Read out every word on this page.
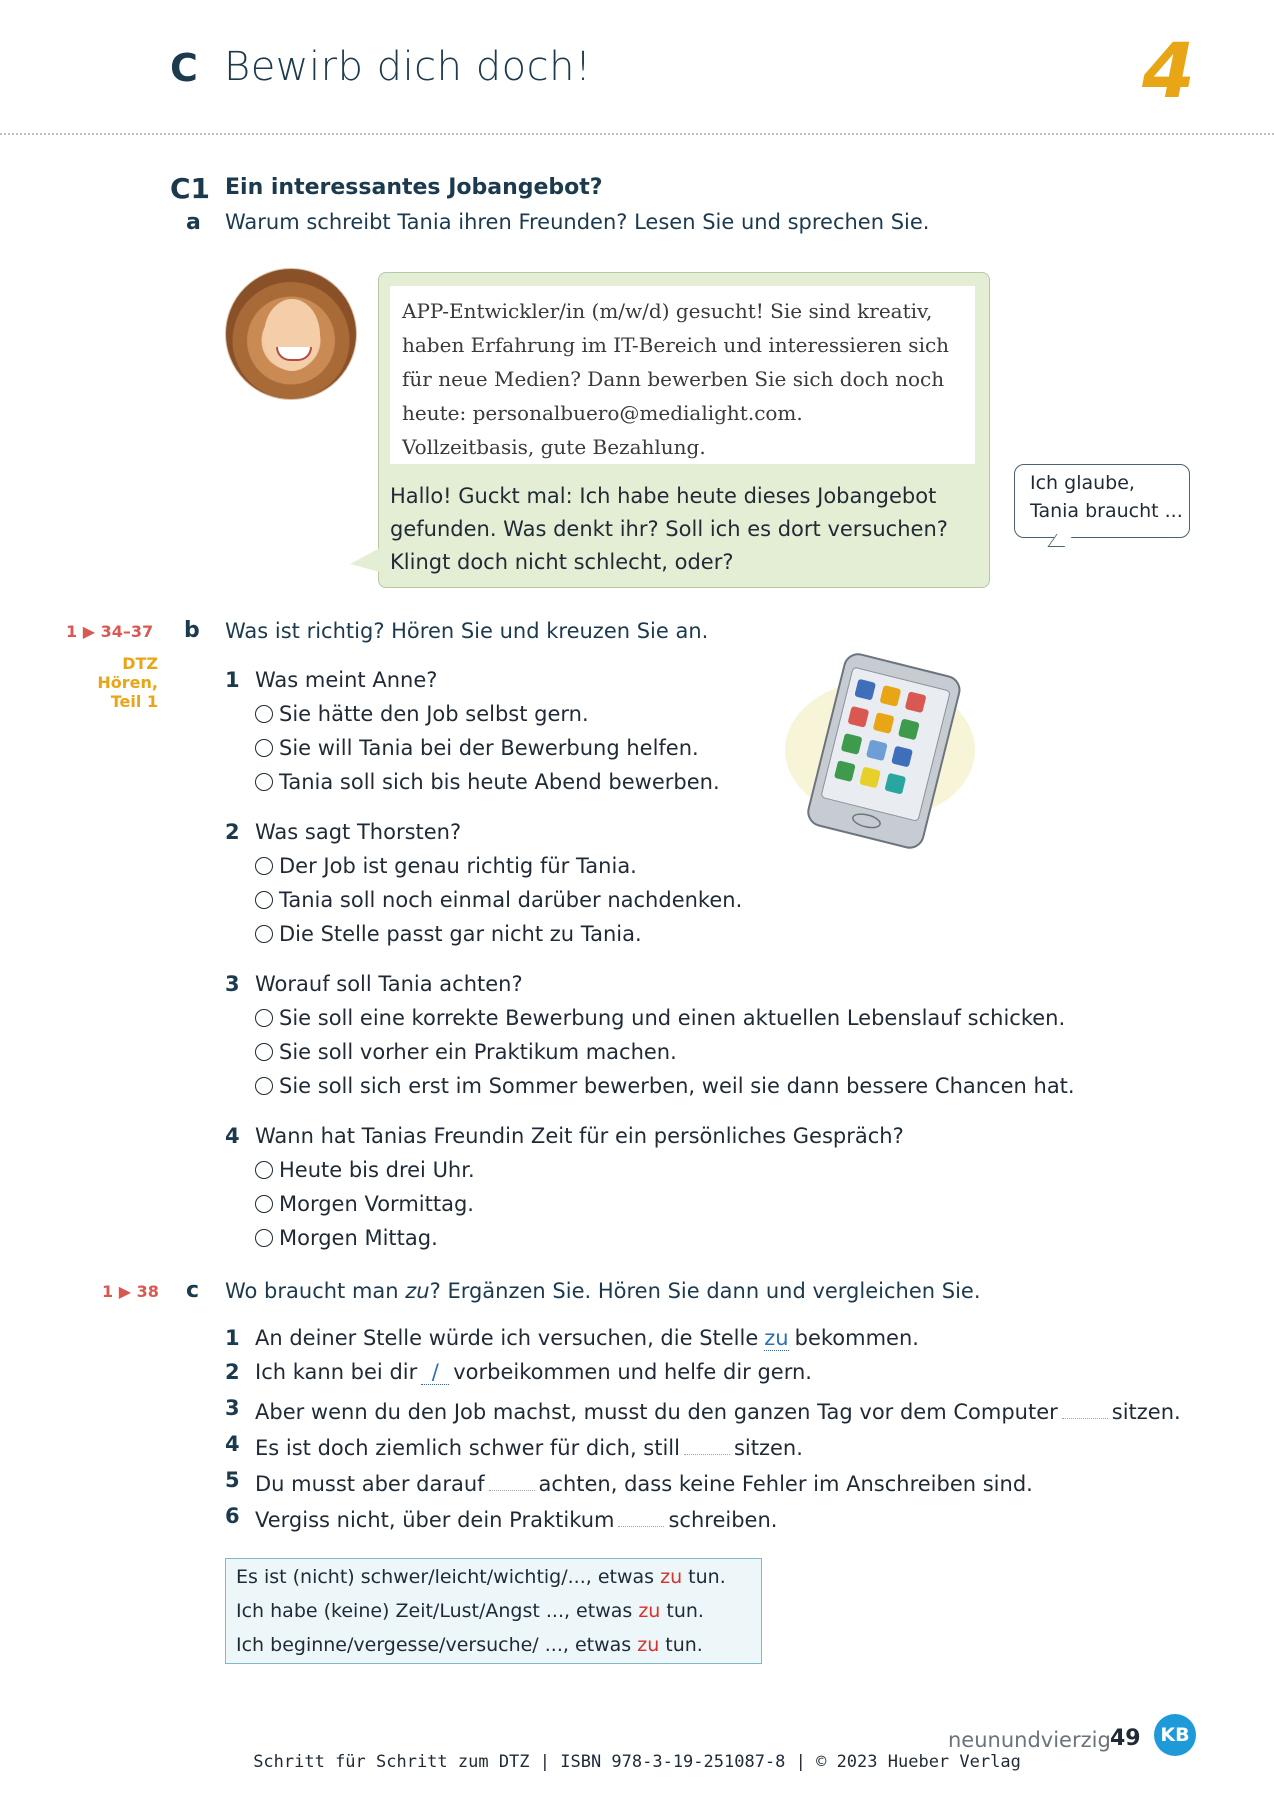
C Bewirb dich doch!	4
C1 Ein interessantes Jobangebot?
a Warum schreibt Tania ihren Freunden? Lesen Sie und sprechen Sie.
APP-Entwickler/in (m/w/d) gesucht! Sie sind kreativ,
haben Erfahrung im IT-Bereich und interessieren sich
für neue Medien? Dann bewerben Sie sich doch noch
heute: personalbuero@medialight.com.
Vollzeitbasis, gute Bezahlung.
Hallo! Guckt mal: Ich habe heute dieses Jobangebot
gefunden. Was denkt ihr? Soll ich es dort versuchen?
Klingt doch nicht schlecht, oder?
Ich glaube,
Tania braucht ...
1 ▶ 34–37
DTZ
Hören,
Teil 1
b Was ist richtig? Hören Sie und kreuzen Sie an.
1 Was meint Anne?
Sie hätte den Job selbst gern.
Sie will Tania bei der Bewerbung helfen.
Tania soll sich bis heute Abend bewerben.
2 Was sagt Thorsten?
Der Job ist genau richtig für Tania.
Tania soll noch einmal darüber nachdenken.
Die Stelle passt gar nicht zu Tania.
3 Worauf soll Tania achten?
Sie soll eine korrekte Bewerbung und einen aktuellen Lebenslauf schicken.
Sie soll vorher ein Praktikum machen.
Sie soll sich erst im Sommer bewerben, weil sie dann bessere Chancen hat.
4 Wann hat Tanias Freundin Zeit für ein persönliches Gespräch?
Heute bis drei Uhr.
Morgen Vormittag.
Morgen Mittag.
1 ▶ 38 c Wo braucht man zu? Ergänzen Sie. Hören Sie dann und vergleichen Sie.
1 An deiner Stelle würde ich versuchen, die Stelle zu bekommen.
2 Ich kann bei dir / vorbeikommen und helfe dir gern.
3 Aber wenn du den Job machst, musst du den ganzen Tag vor dem Computer	sitzen.
4 Es ist doch ziemlich schwer für dich, still	sitzen.
5 Du musst aber darauf	achten, dass keine Fehler im Anschreiben sind.
6 Vergiss nicht, über dein Praktikum	schreiben.
Es ist (nicht) schwer/leicht/wichtig/..., etwas zu tun.
Ich habe (keine) Zeit/Lust/Angst ..., etwas zu tun.
Ich beginne/vergesse/versuche/ ..., etwas zu tun.
neunundvierzig 49	KB
Schritt für Schritt zum DTZ | ISBN 978-3-19-251087-8 | © 2023 Hueber Verlag
